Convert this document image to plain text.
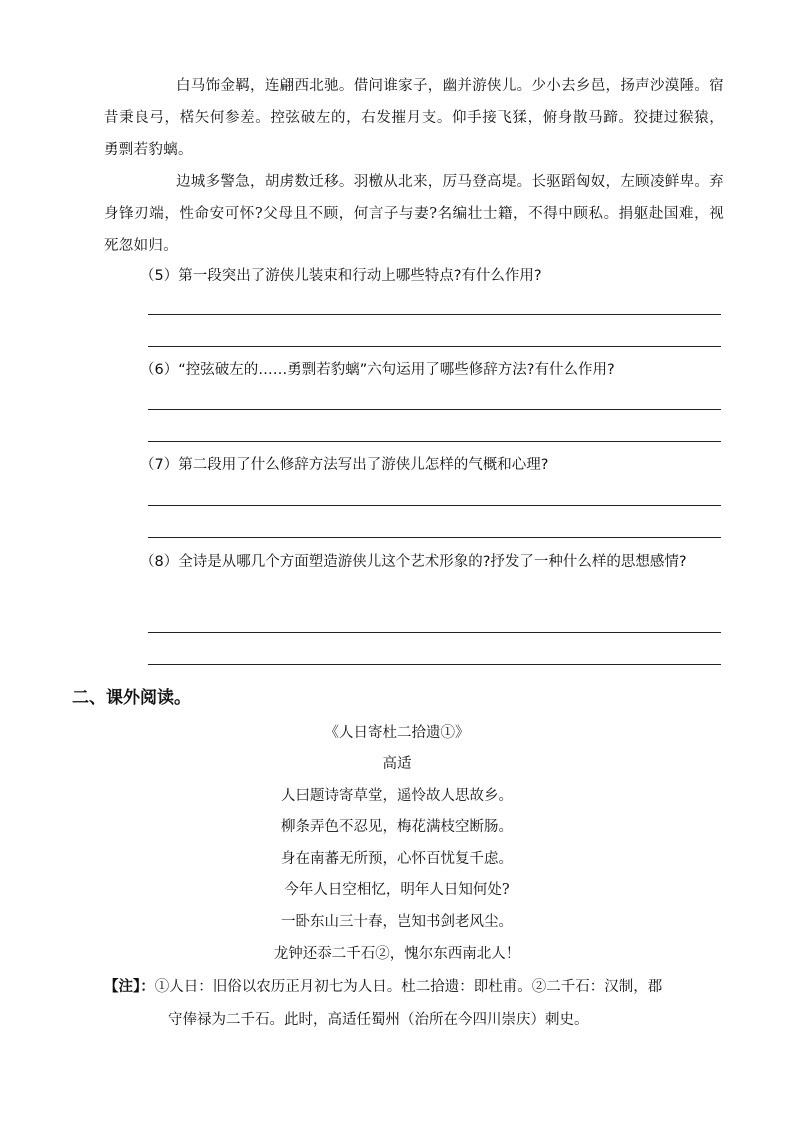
白马饰金羁，连翩西北驰。借问谁家子，幽并游侠儿。少小去乡邑，扬声沙漠陲。宿昔秉良弓，楛矢何参差。控弦破左的，右发摧月支。仰手接飞猱，俯身散马蹄。狡捷过猴猿，勇剽若豹螭。
边城多警急，胡虏数迁移。羽檄从北来，厉马登高堤。长驱蹈匈奴，左顾凌鲜卑。弃身锋刃端，性命安可怀?父母且不顾，何言子与妻?名编壮士籍，不得中顾私。捐躯赴国难，视死忽如归。
（5）第一段突出了游侠儿装束和行动上哪些特点?有什么作用?
（6）“控弦破左的……勇剽若豹螭”六句运用了哪些修辞方法?有什么作用?
（7）第二段用了什么修辞方法写出了游侠儿怎样的气概和心理?
（8）全诗是从哪几个方面塑造游侠儿这个艺术形象的?抒发了一种什么样的思想感情?
二、课外阅读。
《人日寄杜二拾遗①》
高适
人曰题诗寄草堂，遥怜故人思故乡。
柳条弄色不忍见，梅花满枝空断肠。
身在南蕃无所预，心怀百忧复千虑。
今年人日空相忆，明年人日知何处?
一卧东山三十春，岂知书剑老风尘。
龙钟还忝二千石②，愧尔东西南北人！
【注】：①人日：旧俗以农历正月初七为人日。杜二拾遗：即杜甫。②二千石：汉制，郡
守俸禄为二千石。此时，高适任蜀州（治所在今四川崇庆）刺史。
